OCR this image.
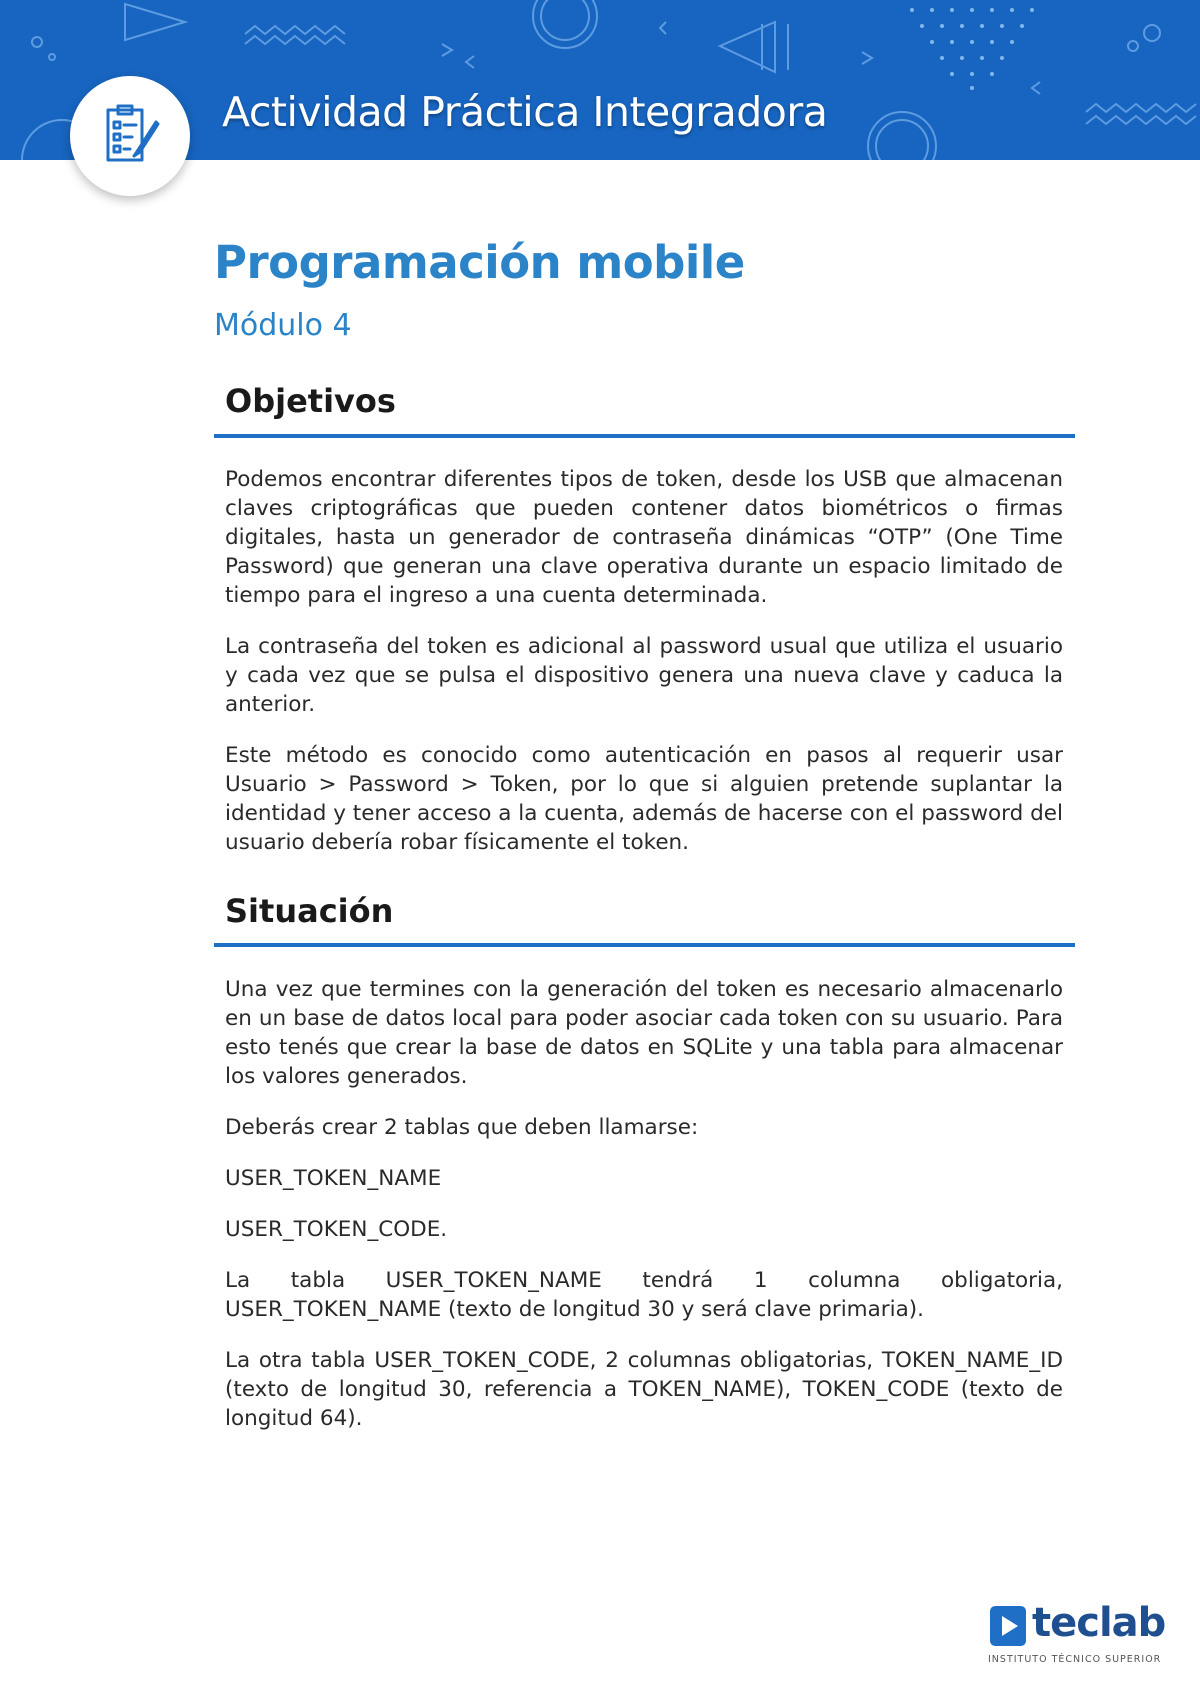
Actividad Práctica Integradora
Programación mobile
Módulo 4
Objetivos

Podemos encontrar diferentes tipos de token, desde los USB que almacenan claves criptográficas que pueden contener datos biométricos o firmas digitales, hasta un generador de contraseña dinámicas “OTP” (One Time Password) que generan una clave operativa durante un espacio limitado de tiempo para el ingreso a una cuenta determinada.

La contraseña del token es adicional al password usual que utiliza el usuario y cada vez que se pulsa el dispositivo genera una nueva clave y caduca la anterior.

Este método es conocido como autenticación en pasos al requerir usar Usuario > Password > Token, por lo que si alguien pretende suplantar la identidad y tener acceso a la cuenta, además de hacerse con el password del usuario debería robar físicamente el token.

Situación

Una vez que termines con la generación del token es necesario almacenarlo en un base de datos local para poder asociar cada token con su usuario. Para esto tenés que crear la base de datos en SQLite y una tabla para almacenar los valores generados.

Deberás crear 2 tablas que deben llamarse:

USER_TOKEN_NAME

USER_TOKEN_CODE.

La tabla USER_TOKEN_NAME tendrá 1 columna obligatoria, USER_TOKEN_NAME (texto de longitud 30 y será clave primaria).

La otra tabla USER_TOKEN_CODE, 2 columnas obligatorias, TOKEN_NAME_ID (texto de longitud 30, referencia a TOKEN_NAME), TOKEN_CODE (texto de longitud 64).

teclab
INSTITUTO TÉCNICO SUPERIOR
